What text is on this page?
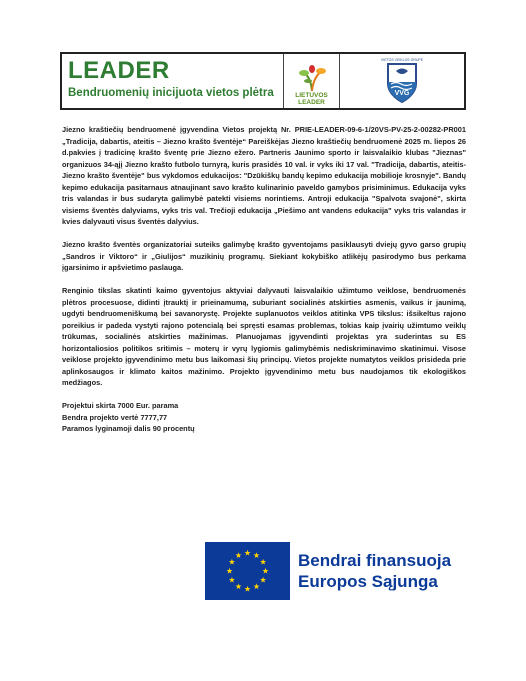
LEADER
Bendruomenių inicijuota vietos plėtra	LIETUVOS LEADER
VIETOS VEIKLOS GRUPĖ
VVG

Jiezno kraštiečių bendruomenė įgyvendina Vietos projektą Nr. PRIE-LEADER-09-6-1/20VS-PV-25-2-00282-PR001 „Tradicija, dabartis, ateitis – Jiezno krašto šventėje“ Pareiškėjas Jiezno kraštiečių bendruomenė 2025 m. liepos 26 d.pakvies į tradicinę krašto šventę prie Jiezno ežero. Partneris Jaunimo sporto ir laisvalaikio klubas "Jieznas" organizuos 34-ąjį Jiezno krašto futbolo turnyrą, kuris prasidės 10 val. ir vyks iki 17 val. "Tradicija, dabartis, ateitis-Jiezno krašto šventėje" bus vykdomos edukacijos: "Dzūkiškų bandų kepimo edukacija mobilioje krosnyje". Bandų kepimo edukacija pasitarnaus atnaujinant savo krašto kulinarinio paveldo gamybos prisiminimus. Edukacija vyks tris valandas ir bus sudaryta galimybė patekti visiems norintiems. Antroji edukacija "Spalvota svajonė", skirta visiems šventės dalyviams, vyks tris val. Trečioji edukacija „Piešimo ant vandens edukacija" vyks tris valandas ir kvies dalyvauti visus šventės dalyvius.

Jiezno krašto šventės organizatoriai suteiks galimybę krašto gyventojams pasiklausyti dviejų gyvo garso grupių „Sandros ir Viktoro“ ir „Giulijos“ muzikinių programų. Siekiant kokybiško atlikėjų pasirodymo bus perkama įgarsinimo ir apšvietimo paslauga.

Renginio tikslas skatinti kaimo gyventojus aktyviai dalyvauti laisvalaikio užimtumo veiklose, bendruomenės plėtros procesuose, didinti įtrauktį ir prieinamumą, suburiant socialinės atskirties asmenis, vaikus ir jaunimą, ugdyti bendruomeniškumą bei savanorystę. Projekte suplanuotos veiklos atitinka VPS tikslus: išsikeltus rajono poreikius ir padeda vystyti rajono potencialą bei spręsti esamas problemas, tokias kaip įvairių užimtumo veiklų trūkumas, socialinės atskirties mažinimas. Planuojamas įgyvendinti projektas yra suderintas su ES horizontaliosios politikos sritimis – moterų ir vyrų lygiomis galimybėmis nediskriminavimo skatinimui. Visose veiklose projekto įgyvendinimo metu bus laikomasi šių principų. Vietos projekte numatytos veiklos prisideda prie aplinkosaugos ir klimato kaitos mažinimo. Projekto įgyvendinimo metu bus naudojamos tik ekologiškos medžiagos.

Projektui skirta 7000 Eur. parama
Bendra projekto vertė 7777,77
Paramos lyginamoji dalis 90 procentų
Bendrai finansuoja
Europos Sąjunga
